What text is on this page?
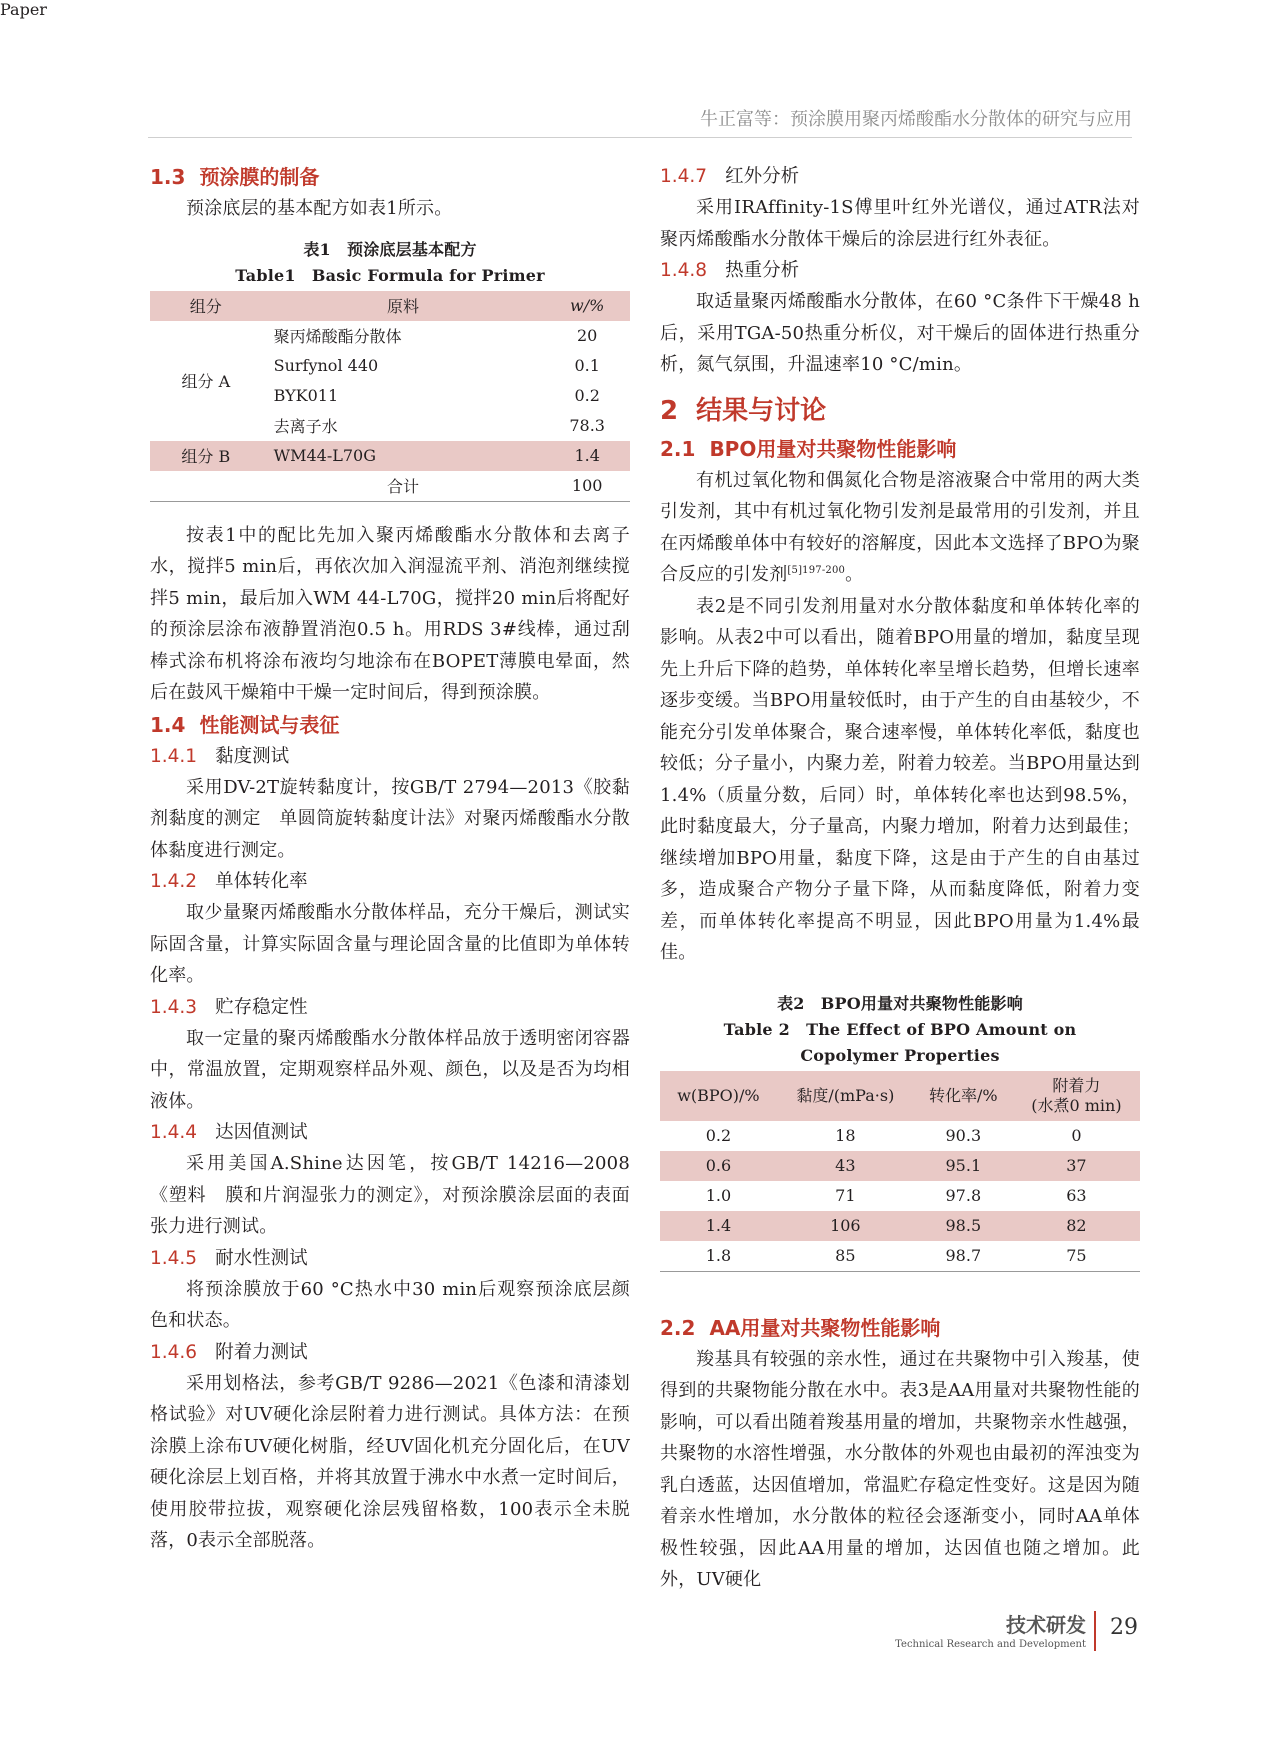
Paper
牛正富等：预涂膜用聚丙烯酸酯水分散体的研究与应用
1.3 预涂膜的制备

预涂底层的基本配方如表1所示。

表1　预涂底层基本配方

Table1　Basic Formula for Primer

组分	原料	w/%
组分 A	聚丙烯酸酯分散体	20
	Surfynol 440	0.1
	BYK011	0.2
	去离子水	78.3
组分 B	WM44-L70G	1.4
	合计	100

按表1中的配比先加入聚丙烯酸酯水分散体和去离子水，搅拌5 min后，再依次加入润湿流平剂、消泡剂继续搅拌5 min，最后加入WM 44-L70G，搅拌20 min后将配好的预涂层涂布液静置消泡0.5 h。用RDS 3#线棒，通过刮棒式涂布机将涂布液均匀地涂布在BOPET薄膜电晕面，然后在鼓风干燥箱中干燥一定时间后，得到预涂膜。

1.4 性能测试与表征
1.4.1 黏度测试

采用DV-2T旋转黏度计，按GB/T 2794—2013《胶黏剂黏度的测定　单圆筒旋转黏度计法》对聚丙烯酸酯水分散体黏度进行测定。

1.4.2 单体转化率

取少量聚丙烯酸酯水分散体样品，充分干燥后，测试实际固含量，计算实际固含量与理论固含量的比值即为单体转化率。

1.4.3 贮存稳定性

取一定量的聚丙烯酸酯水分散体样品放于透明密闭容器中，常温放置，定期观察样品外观、颜色，以及是否为均相液体。

1.4.4 达因值测试

采用美国A.Shine达因笔，按GB/T 14216—2008《塑料　膜和片润湿张力的测定》，对预涂膜涂层面的表面张力进行测试。

1.4.5 耐水性测试

将预涂膜放于60 °C热水中30 min后观察预涂底层颜色和状态。

1.4.6 附着力测试

采用划格法，参考GB/T 9286—2021《色漆和清漆划格试验》对UV硬化涂层附着力进行测试。具体方法：在预涂膜上涂布UV硬化树脂，经UV固化机充分固化后，在UV硬化涂层上划百格，并将其放置于沸水中水煮一定时间后，使用胶带拉拔，观察硬化涂层残留格数，100表示全未脱落，0表示全部脱落。

1.4.7 红外分析

采用IRAffinity-1S傅里叶红外光谱仪，通过ATR法对聚丙烯酸酯水分散体干燥后的涂层进行红外表征。

1.4.8 热重分析

取适量聚丙烯酸酯水分散体，在60 °C条件下干燥48 h后，采用TGA-50热重分析仪，对干燥后的固体进行热重分析，氮气氛围，升温速率10 °C/min。

2 结果与讨论
2.1 BPO用量对共聚物性能影响

有机过氧化物和偶氮化合物是溶液聚合中常用的两大类引发剂，其中有机过氧化物引发剂是最常用的引发剂，并且在丙烯酸单体中有较好的溶解度，因此本文选择了BPO为聚合反应的引发剂$^{[5]197-200}$。

表2是不同引发剂用量对水分散体黏度和单体转化率的影响。从表2中可以看出，随着BPO用量的增加，黏度呈现先上升后下降的趋势，单体转化率呈增长趋势，但增长速率逐步变缓。当BPO用量较低时，由于产生的自由基较少，不能充分引发单体聚合，聚合速率慢，单体转化率低，黏度也较低；分子量小，内聚力差，附着力较差。当BPO用量达到1.4%（质量分数，后同）时，单体转化率也达到98.5%，此时黏度最大，分子量高，内聚力增加，附着力达到最佳；继续增加BPO用量，黏度下降，这是由于产生的自由基过多，造成聚合产物分子量下降，从而黏度降低，附着力变差，而单体转化率提高不明显，因此BPO用量为1.4%最佳。

表2　BPO用量对共聚物性能影响

Table 2　The Effect of BPO Amount on Copolymer Properties

w(BPO)/%	黏度/(mPa·s)	转化率/%	附着力
(水煮0 min)
0.2	18	90.3	0
0.6	43	95.1	37
1.0	71	97.8	63
1.4	106	98.5	82
1.8	85	98.7	75
2.2 AA用量对共聚物性能影响

羧基具有较强的亲水性，通过在共聚物中引入羧基，使得到的共聚物能分散在水中。表3是AA用量对共聚物性能的影响，可以看出随着羧基用量的增加，共聚物亲水性越强，共聚物的水溶性增强，水分散体的外观也由最初的浑浊变为乳白透蓝，达因值增加，常温贮存稳定性变好。这是因为随着亲水性增加，水分散体的粒径会逐渐变小，同时AA单体极性较强，因此AA用量的增加，达因值也随之增加。此外，UV硬化

技术研发
Technical Research and Development
29
